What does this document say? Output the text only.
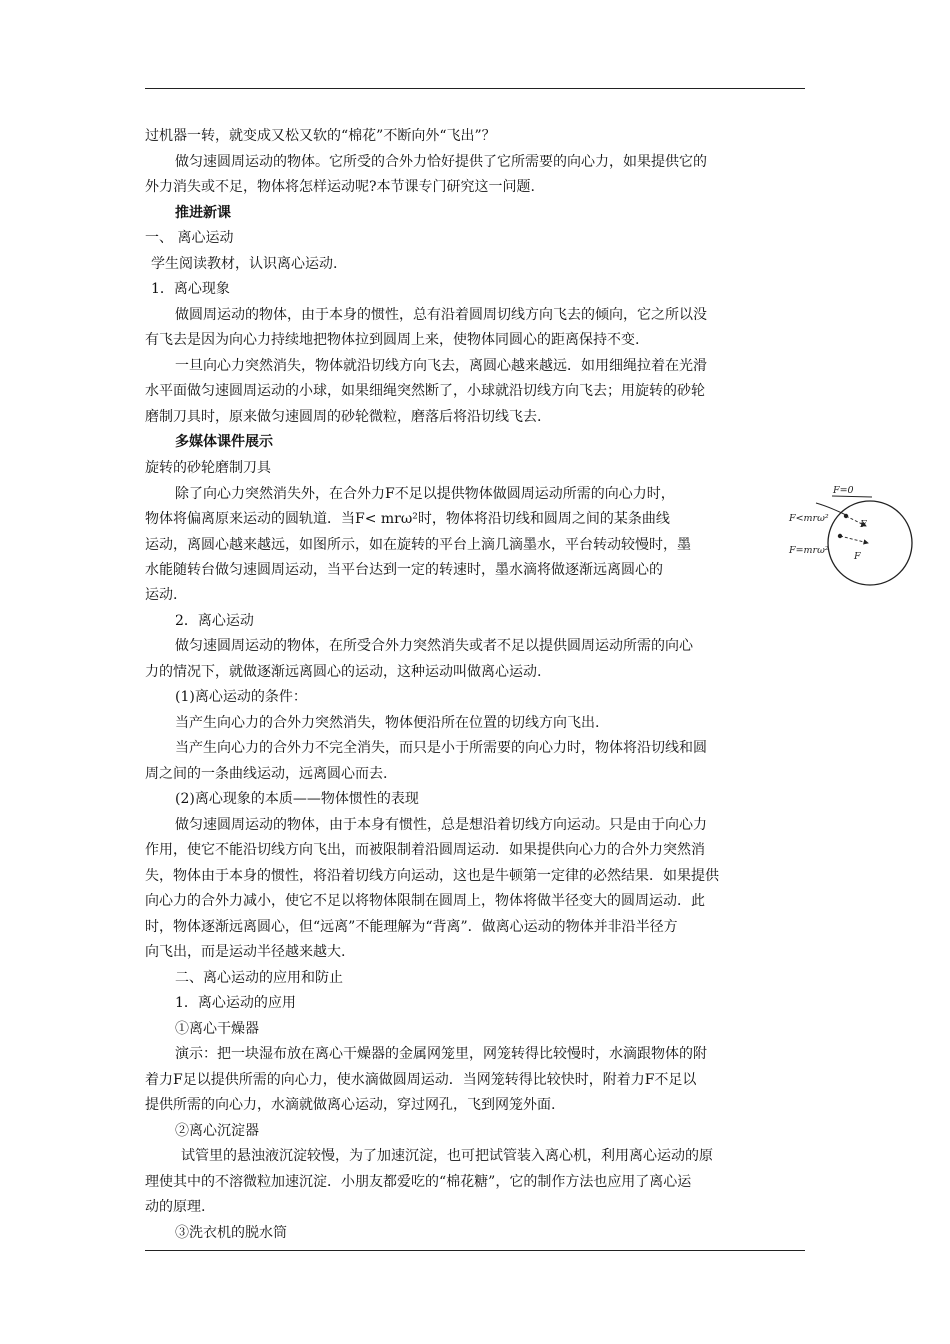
过机器一转，就变成又松又软的“棉花”不断向外“飞出”？
做匀速圆周运动的物体。它所受的合外力恰好提供了它所需要的向心力，如果提供它的
外力消失或不足，物体将怎样运动呢?本节课专门研究这一问题.
推进新课
一、 离心运动
学生阅读教材，认识离心运动.
1．离心现象
做圆周运动的物体，由于本身的惯性，总有沿着圆周切线方向飞去的倾向，它之所以没
有飞去是因为向心力持续地把物体拉到圆周上来，使物体同圆心的距离保持不变.
一旦向心力突然消失，物体就沿切线方向飞去，离圆心越来越远．如用细绳拉着在光滑
水平面做匀速圆周运动的小球，如果细绳突然断了，小球就沿切线方向飞去；用旋转的砂轮
磨制刀具时，原来做匀速圆周的砂轮微粒，磨落后将沿切线飞去.
多媒体课件展示
旋转的砂轮磨制刀具
除了向心力突然消失外，在合外力F不足以提供物体做圆周运动所需的向心力时，
物体将偏离原来运动的圆轨道．当F< mrω²时，物体将沿切线和圆周之间的某条曲线
运动，离圆心越来越远，如图所示，如在旋转的平台上滴几滴墨水，平台转动较慢时，墨
水能随转台做匀速圆周运动，当平台达到一定的转速时，墨水滴将做逐渐远离圆心的
运动.
2．离心运动
做匀速圆周运动的物体，在所受合外力突然消失或者不足以提供圆周运动所需的向心
力的情况下，就做逐渐远离圆心的运动，这种运动叫做离心运动.
(1)离心运动的条件：
当产生向心力的合外力突然消失，物体便沿所在位置的切线方向飞出.
当产生向心力的合外力不完全消失，而只是小于所需要的向心力时，物体将沿切线和圆
周之间的一条曲线运动，远离圆心而去.
(2)离心现象的本质——物体惯性的表现
做匀速圆周运动的物体，由于本身有惯性，总是想沿着切线方向运动。只是由于向心力
作用，使它不能沿切线方向飞出，而被限制着沿圆周运动．如果提供向心力的合外力突然消
失，物体由于本身的惯性，将沿着切线方向运动，这也是牛顿第一定律的必然结果．如果提供
向心力的合外力减小，使它不足以将物体限制在圆周上，物体将做半径变大的圆周运动．此
时，物体逐渐远离圆心，但“远离”不能理解为“背离”．做离心运动的物体并非沿半径方
向飞出，而是运动半径越来越大.
二、离心运动的应用和防止
1．离心运动的应用
①离心干燥器
演示：把一块湿布放在离心干燥器的金属网笼里，网笼转得比较慢时，水滴跟物体的附
着力F足以提供所需的向心力，使水滴做圆周运动．当网笼转得比较快时，附着力F不足以
提供所需的向心力，水滴就做离心运动，穿过网孔，飞到网笼外面.
②离心沉淀器
试管里的悬浊液沉淀较慢，为了加速沉淀，也可把试管装入离心机，利用离心运动的原
理使其中的不溶微粒加速沉淀．小朋友都爱吃的“棉花糖”，它的制作方法也应用了离心运
动的原理.
③洗衣机的脱水筒
F=0
F<mrω²
F
F=mrω²
F
